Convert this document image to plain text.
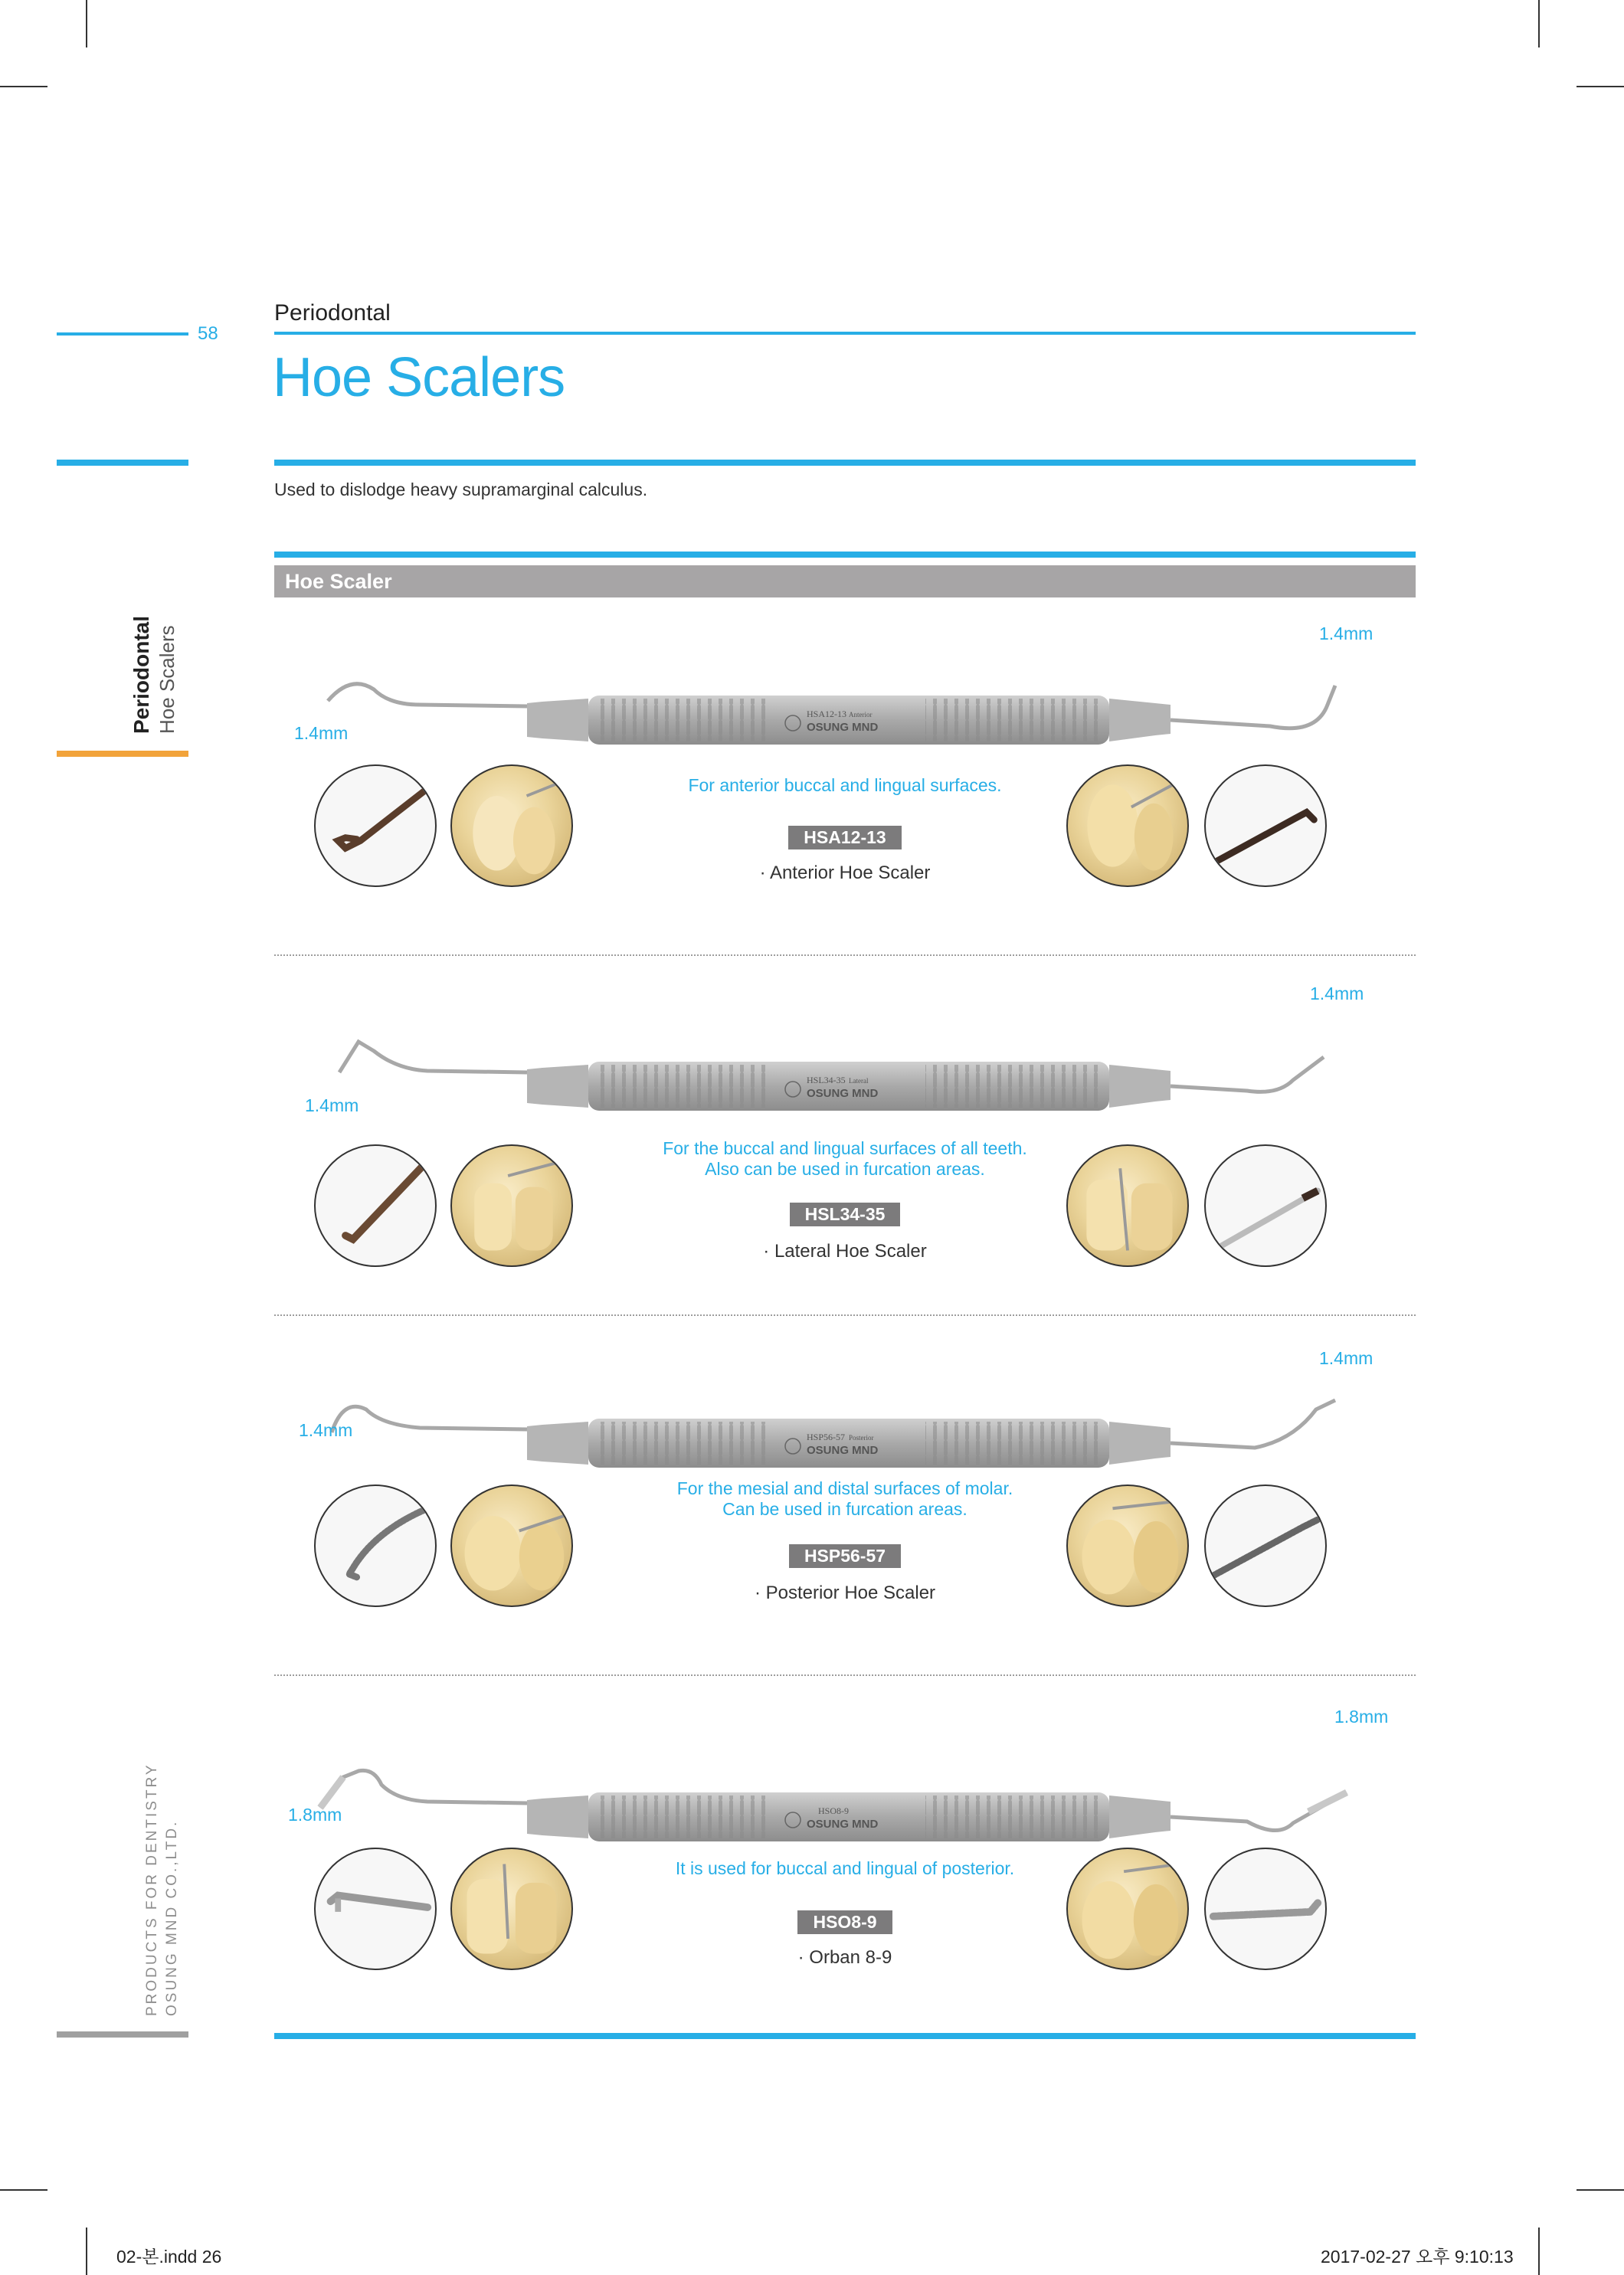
58
Periodontal
Hoe Scalers

Used to dislodge heavy supramarginal calculus.

Hoe Scaler
Periodontal Hoe Scalers
PRODUCTS FOR DENTISTRY OSUNG MND CO.,LTD.
HSA12-13 Anterior
OSUNG MND
1.4mm
1.4mm
For anterior buccal and lingual surfaces.
HSA12-13
· Anterior Hoe Scaler
HSL34-35 Lateral
OSUNG MND
1.4mm
1.4mm
For the buccal and lingual surfaces of all teeth.
Also can be used in furcation areas.
HSL34-35
· Lateral Hoe Scaler
HSP56-57 Posterior
OSUNG MND
1.4mm
1.4mm
For the mesial and distal surfaces of molar.
Can be used in furcation areas.
HSP56-57
· Posterior Hoe Scaler
HSO8-9
OSUNG MND
1.8mm
1.8mm
It is used for buccal and lingual of posterior.
HSO8-9
· Orban 8-9
02-본.indd 26	2017-02-27 오후 9:10:13
